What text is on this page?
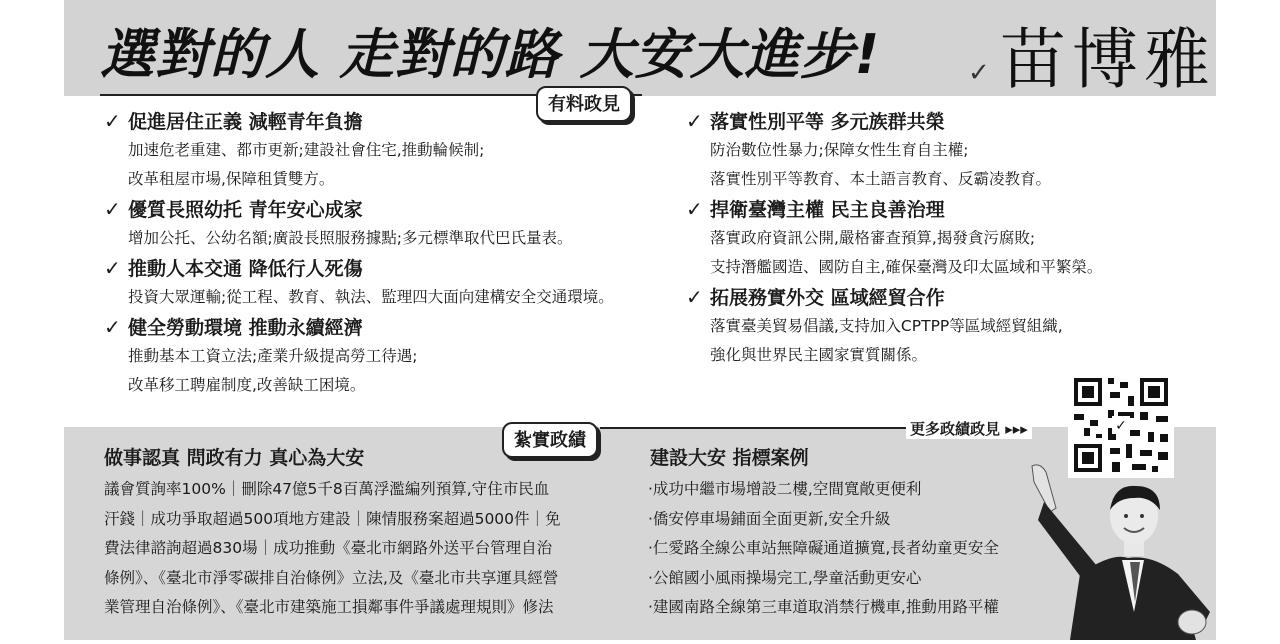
選對的人 走對的路 大安大進步!	✓ 苗博雅
有料政見
✓ 促進居住正義 減輕青年負擔
加速危老重建、都市更新;建設社會住宅,推動輪候制;
改革租屋市場,保障租賃雙方。
✓ 優質長照幼托 青年安心成家
增加公托、公幼名額;廣設長照服務據點;多元標準取代巴氏量表。
✓ 推動人本交通 降低行人死傷
投資大眾運輸;從工程、教育、執法、監理四大面向建構安全交通環境。
✓ 健全勞動環境 推動永續經濟
推動基本工資立法;產業升級提高勞工待遇;
改革移工聘雇制度,改善缺工困境。
✓ 落實性別平等 多元族群共榮
防治數位性暴力;保障女性生育自主權;
落實性別平等教育、本土語言教育、反霸凌教育。
✓ 捍衛臺灣主權 民主良善治理
落實政府資訊公開,嚴格審查預算,揭發貪污腐敗;
支持潛艦國造、國防自主,確保臺灣及印太區域和平繁榮。
✓ 拓展務實外交 區域經貿合作
落實臺美貿易倡議,支持加入CPTPP等區域經貿組織,
強化與世界民主國家實質關係。
更多政績政見 ▸▸▸	✓
紮實政績
做事認真 問政有力 真心為大安
議會質詢率100%｜刪除47億5千8百萬浮濫編列預算,守住市民血
汗錢｜成功爭取超過500項地方建設｜陳情服務案超過5000件｜免
費法律諮詢超過830場｜成功推動《臺北市網路外送平台管理自治
條例》、《臺北市淨零碳排自治條例》立法,及《臺北市共享運具經營
業管理自治條例》、《臺北市建築施工損鄰事件爭議處理規則》修法
建設大安 指標案例
·成功中繼市場增設二樓,空間寬敞更便利
·僑安停車場鋪面全面更新,安全升級
·仁愛路全線公車站無障礙通道擴寬,長者幼童更安全
·公館國小風雨操場完工,學童活動更安心
·建國南路全線第三車道取消禁行機車,推動用路平權
